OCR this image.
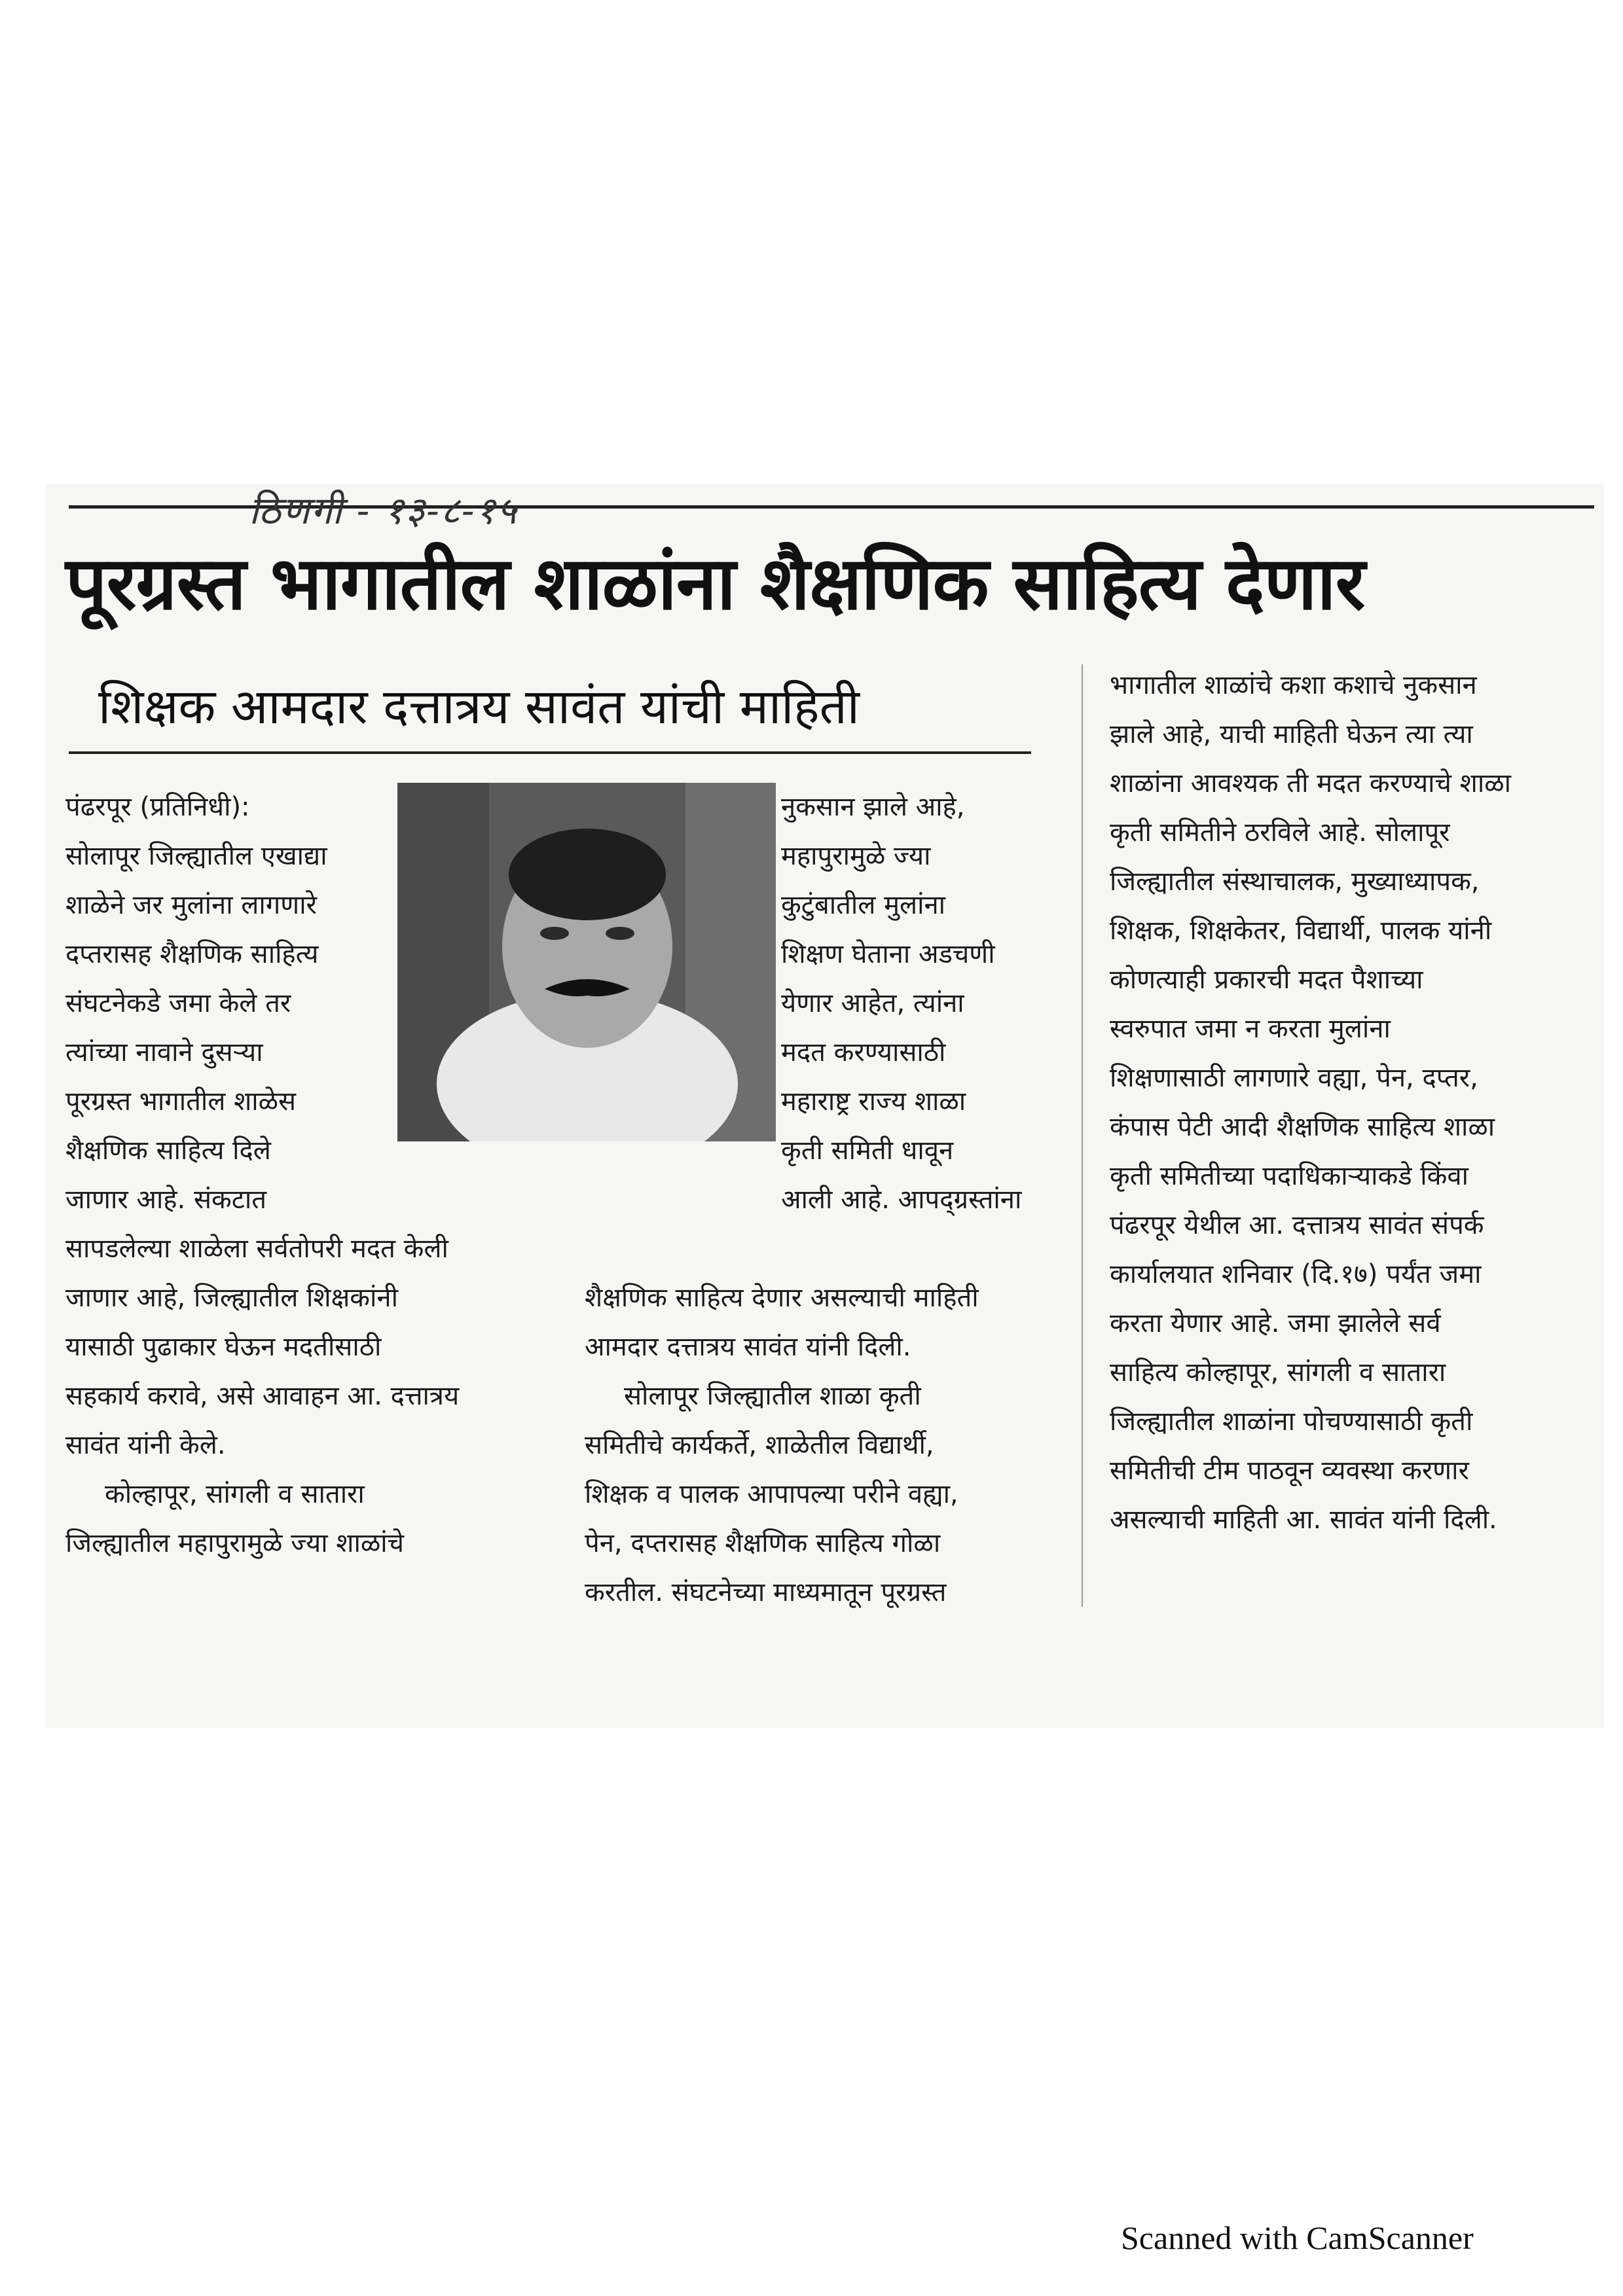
ठिणगी - १३-८-१५
पूरग्रस्त भागातील शाळांना शैक्षणिक साहित्य देणार
शिक्षक आमदार दत्तात्रय सावंत यांची माहिती
पंढरपूर (प्रतिनिधी):
सोलापूर जिल्ह्यातील एखाद्या
शाळेने जर मुलांना लागणारे
दप्तरासह शैक्षणिक साहित्य
संघटनेकडे जमा केले तर
त्यांच्या नावाने दुसऱ्या
पूरग्रस्त भागातील शाळेस
शैक्षणिक साहित्य दिले
जाणार आहे. संकटात
सापडलेल्या शाळेला सर्वतोपरी मदत केली
जाणार आहे, जिल्ह्यातील शिक्षकांनी
यासाठी पुढाकार घेऊन मदतीसाठी
सहकार्य करावे, असे आवाहन आ. दत्तात्रय
सावंत यांनी केले.
कोल्हापूर, सांगली व सातारा
जिल्ह्यातील महापुरामुळे ज्या शाळांचे
नुकसान झाले आहे,
महापुरामुळे ज्या
कुटुंबातील मुलांना
शिक्षण घेताना अडचणी
येणार आहेत, त्यांना
मदत करण्यासाठी
महाराष्ट्र राज्य शाळा
कृती समिती धावून
आली आहे. आपद्ग्रस्तांना
शैक्षणिक साहित्य देणार असल्याची माहिती
आमदार दत्तात्रय सावंत यांनी दिली.
सोलापूर जिल्ह्यातील शाळा कृती
समितीचे कार्यकर्ते, शाळेतील विद्यार्थी,
शिक्षक व पालक आपापल्या परीने वह्या,
पेन, दप्तरासह शैक्षणिक साहित्य गोळा
करतील. संघटनेच्या माध्यमातून पूरग्रस्त
भागातील शाळांचे कशा कशाचे नुकसान
झाले आहे, याची माहिती घेऊन त्या त्या
शाळांना आवश्यक ती मदत करण्याचे शाळा
कृती समितीने ठरविले आहे. सोलापूर
जिल्ह्यातील संस्थाचालक, मुख्याध्यापक,
शिक्षक, शिक्षकेतर, विद्यार्थी, पालक यांनी
कोणत्याही प्रकारची मदत पैशाच्या
स्वरुपात जमा न करता मुलांना
शिक्षणासाठी लागणारे वह्या, पेन, दप्तर,
कंपास पेटी आदी शैक्षणिक साहित्य शाळा
कृती समितीच्या पदाधिकाऱ्याकडे किंवा
पंढरपूर येथील आ. दत्तात्रय सावंत संपर्क
कार्यालयात शनिवार (दि.१७) पर्यंत जमा
करता येणार आहे. जमा झालेले सर्व
साहित्य कोल्हापूर, सांगली व सातारा
जिल्ह्यातील शाळांना पोचण्यासाठी कृती
समितीची टीम पाठवून व्यवस्था करणार
असल्याची माहिती आ. सावंत यांनी दिली.
Scanned with CamScanner
